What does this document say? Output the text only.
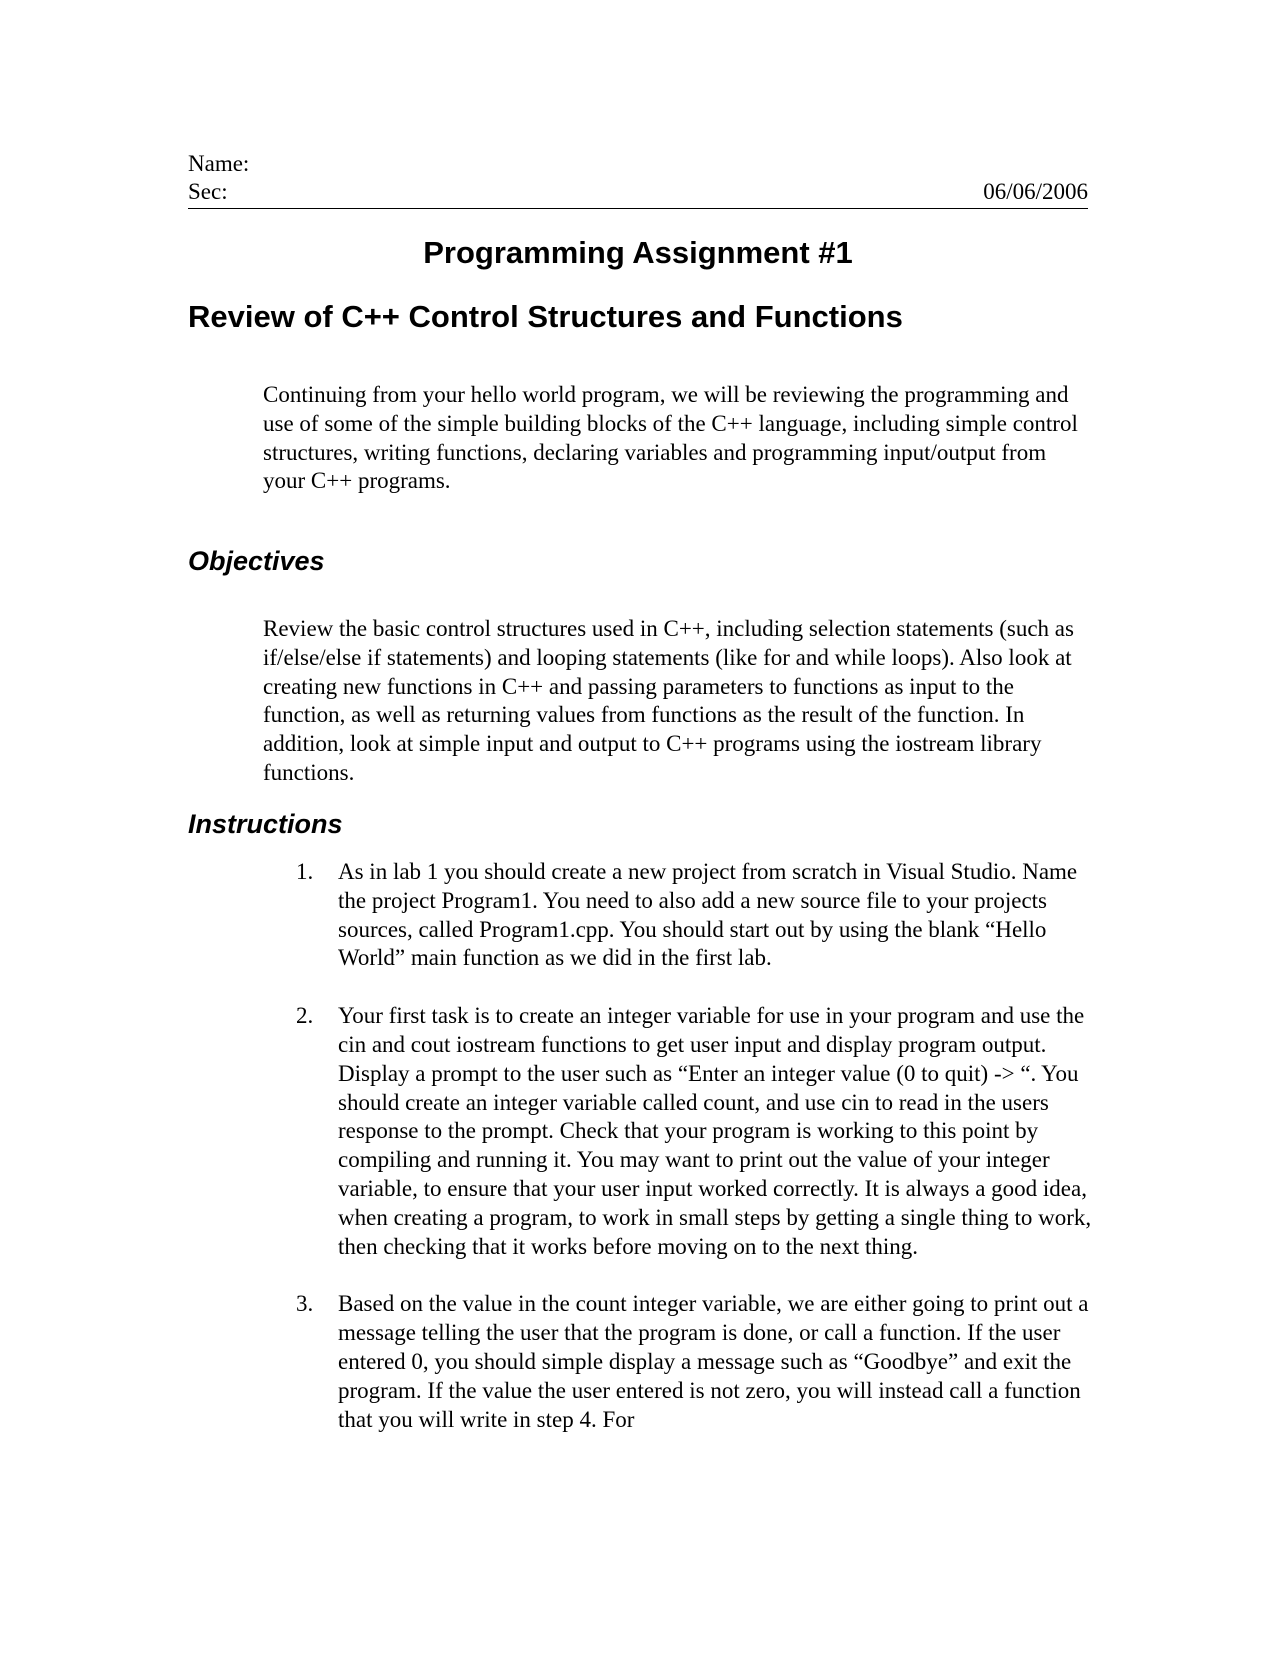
Name:
Sec:	06/06/2006
Programming Assignment #1
Review of C++ Control Structures and Functions

Continuing from your hello world program, we will be reviewing the programming and use of some of the simple building blocks of the C++ language, including simple control structures, writing functions, declaring variables and programming input/output from your C++ programs.

Objectives

Review the basic control structures used in C++, including selection statements (such as if/else/else if statements) and looping statements (like for and while loops). Also look at creating new functions in C++ and passing parameters to functions as input to the function, as well as returning values from functions as the result of the function. In addition, look at simple input and output to C++ programs using the iostream library functions.

Instructions
1. As in lab 1 you should create a new project from scratch in Visual Studio. Name the project Program1. You need to also add a new source file to your projects sources, called Program1.cpp. You should start out by using the blank “Hello World” main function as we did in the first lab.
2. Your first task is to create an integer variable for use in your program and use the cin and cout iostream functions to get user input and display program output. Display a prompt to the user such as “Enter an integer value (0 to quit) -> “. You should create an integer variable called count, and use cin to read in the users response to the prompt. Check that your program is working to this point by compiling and running it. You may want to print out the value of your integer variable, to ensure that your user input worked correctly. It is always a good idea, when creating a program, to work in small steps by getting a single thing to work, then checking that it works before moving on to the next thing.
3. Based on the value in the count integer variable, we are either going to print out a message telling the user that the program is done, or call a function. If the user entered 0, you should simple display a message such as “Goodbye” and exit the program. If the value the user entered is not zero, you will instead call a function that you will write in step 4. For
